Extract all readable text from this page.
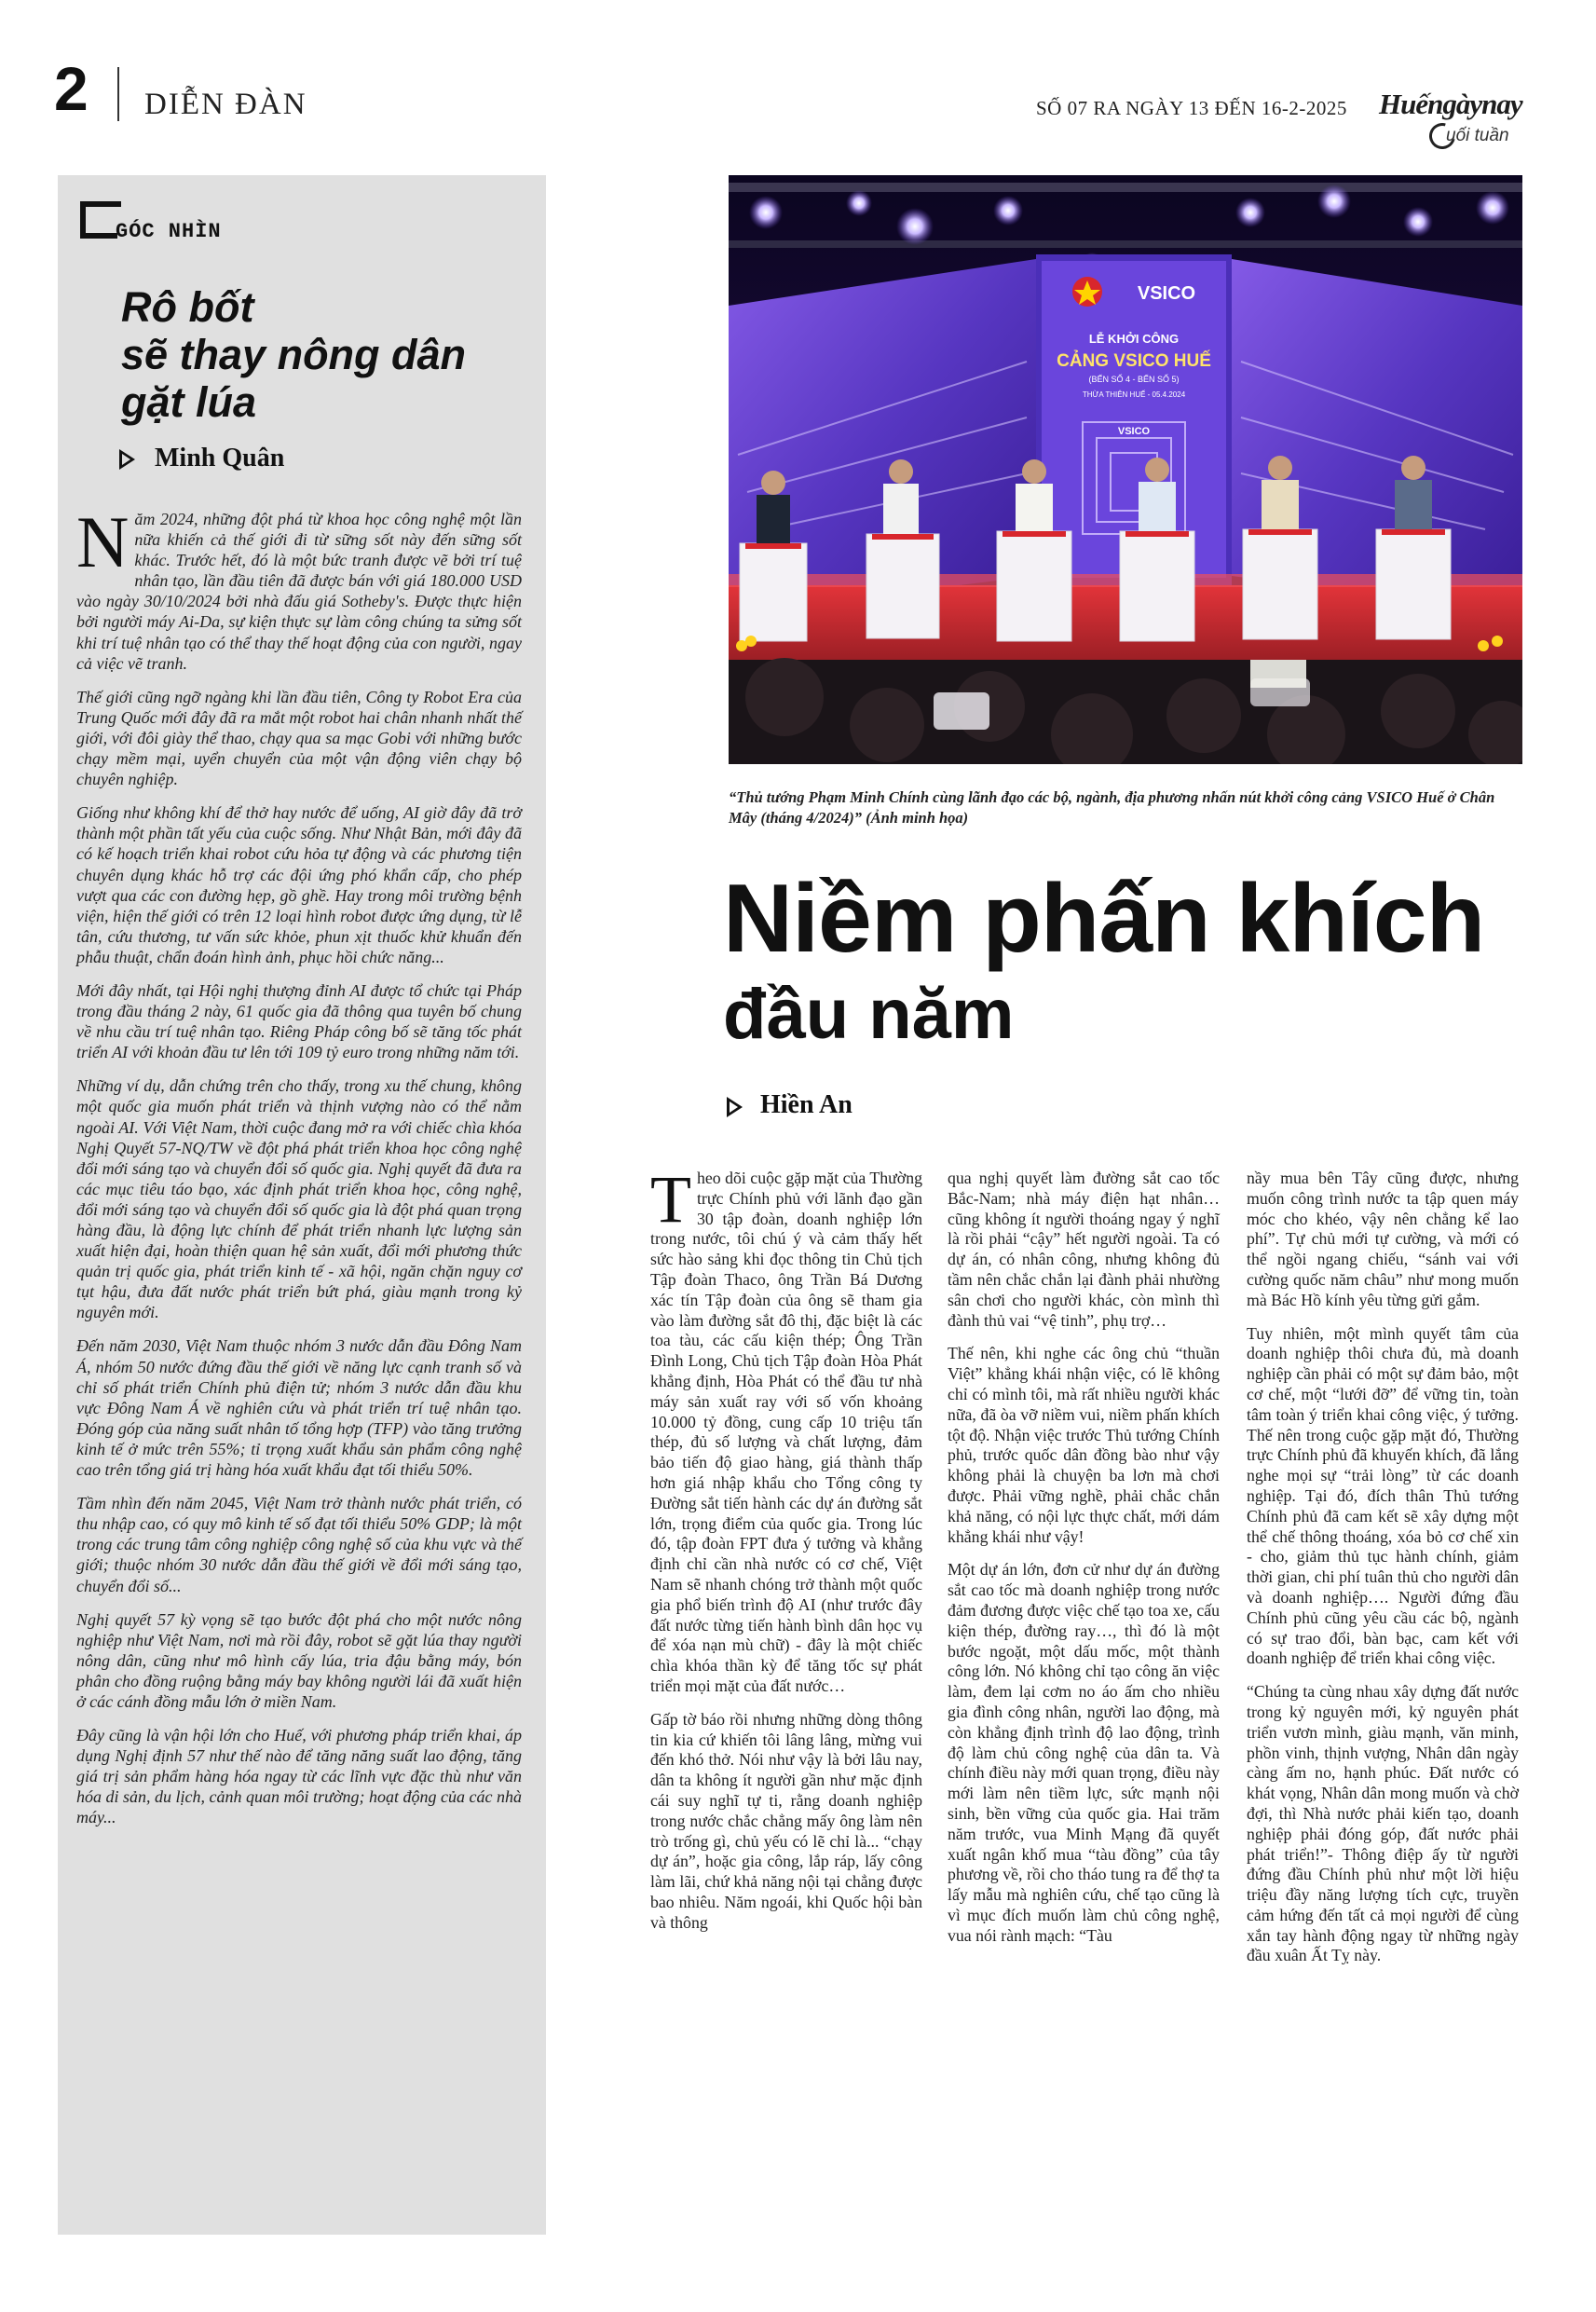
2 DIỄN ĐÀN	SỐ 07 RA NGÀY 13 ĐẾN 16-2-2025 Huếngàynay
uối tuần
GÓC NHÌN
Rô bốt
sẽ thay nông dân
gặt lúa
Minh Quân

Năm 2024, những đột phá từ khoa học công nghệ một lần nữa khiến cả thế giới đi từ sững sốt này đến sững sốt khác. Trước hết, đó là một bức tranh được vẽ bởi trí tuệ nhân tạo, lần đầu tiên đã được bán với giá 180.000 USD vào ngày 30/10/2024 bởi nhà đấu giá Sotheby's. Được thực hiện bởi người máy Ai-Da, sự kiện thực sự làm công chúng ta sửng sốt khi trí tuệ nhân tạo có thể thay thế hoạt động của con người, ngay cả việc vẽ tranh.

Thế giới cũng ngỡ ngàng khi lần đầu tiên, Công ty Robot Era của Trung Quốc mới đây đã ra mắt một robot hai chân nhanh nhất thế giới, với đôi giày thể thao, chạy qua sa mạc Gobi với những bước chạy mềm mại, uyển chuyển của một vận động viên chạy bộ chuyên nghiệp.

Giống như không khí để thở hay nước để uống, AI giờ đây đã trở thành một phần tất yếu của cuộc sống. Như Nhật Bản, mới đây đã có kế hoạch triển khai robot cứu hỏa tự động và các phương tiện chuyên dụng khác hỗ trợ các đội ứng phó khẩn cấp, cho phép vượt qua các con đường hẹp, gồ ghề. Hay trong môi trường bệnh viện, hiện thế giới có trên 12 loại hình robot được ứng dụng, từ lễ tân, cứu thương, tư vấn sức khỏe, phun xịt thuốc khử khuẩn đến phẫu thuật, chẩn đoán hình ảnh, phục hồi chức năng...

Mới đây nhất, tại Hội nghị thượng đỉnh AI được tổ chức tại Pháp trong đầu tháng 2 này, 61 quốc gia đã thông qua tuyên bố chung về nhu cầu trí tuệ nhân tạo. Riêng Pháp công bố sẽ tăng tốc phát triển AI với khoản đầu tư lên tới 109 tỷ euro trong những năm tới.

Những ví dụ, dẫn chứng trên cho thấy, trong xu thế chung, không một quốc gia muốn phát triển và thịnh vượng nào có thể nằm ngoài AI. Với Việt Nam, thời cuộc đang mở ra với chiếc chìa khóa Nghị Quyết 57-NQ/TW về đột phá phát triển khoa học công nghệ đổi mới sáng tạo và chuyển đổi số quốc gia. Nghị quyết đã đưa ra các mục tiêu táo bạo, xác định phát triển khoa học, công nghệ, đổi mới sáng tạo và chuyển đổi số quốc gia là đột phá quan trọng hàng đầu, là động lực chính để phát triển nhanh lực lượng sản xuất hiện đại, hoàn thiện quan hệ sản xuất, đổi mới phương thức quản trị quốc gia, phát triển kinh tế - xã hội, ngăn chặn nguy cơ tụt hậu, đưa đất nước phát triển bứt phá, giàu mạnh trong kỷ nguyên mới.

Đến năm 2030, Việt Nam thuộc nhóm 3 nước dẫn đầu Đông Nam Á, nhóm 50 nước đứng đầu thế giới về năng lực cạnh tranh số và chỉ số phát triển Chính phủ điện tử; nhóm 3 nước dẫn đầu khu vực Đông Nam Á về nghiên cứu và phát triển trí tuệ nhân tạo. Đóng góp của năng suất nhân tố tổng hợp (TFP) vào tăng trưởng kinh tế ở mức trên 55%; tỉ trọng xuất khẩu sản phẩm công nghệ cao trên tổng giá trị hàng hóa xuất khẩu đạt tối thiểu 50%.

Tầm nhìn đến năm 2045, Việt Nam trở thành nước phát triển, có thu nhập cao, có quy mô kinh tế số đạt tối thiểu 50% GDP; là một trong các trung tâm công nghiệp công nghệ số của khu vực và thế giới; thuộc nhóm 30 nước dẫn đầu thế giới về đổi mới sáng tạo, chuyển đổi số...

Nghị quyết 57 kỳ vọng sẽ tạo bước đột phá cho một nước nông nghiệp như Việt Nam, nơi mà rồi đây, robot sẽ gặt lúa thay người nông dân, cũng như mô hình cấy lúa, tria đậu bằng máy, bón phân cho đồng ruộng bằng máy bay không người lái đã xuất hiện ở các cánh đồng mẫu lớn ở miền Nam.

Đây cũng là vận hội lớn cho Huế, với phương pháp triển khai, áp dụng Nghị định 57 như thế nào để tăng năng suất lao động, tăng giá trị sản phẩm hàng hóa ngay từ các lĩnh vực đặc thù như văn hóa di sản, du lịch, cảnh quan môi trường; hoạt động của các nhà máy...

VSICO
LỄ KHỞI CÔNG
CẢNG VSICO HUẾ
(BẾN SỐ 4 - BẾN SỐ 5)
THỪA THIÊN HUẾ - 05.4.2024
VSICO

“Thủ tướng Phạm Minh Chính cùng lãnh đạo các bộ, ngành, địa phương nhấn nút khởi công cảng VSICO Huế ở Chân Mây (tháng 4/2024)” (Ảnh minh họa)

Niềm phấn khích
đầu năm
Hiền An

Theo dõi cuộc gặp mặt của Thường trực Chính phủ với lãnh đạo gần 30 tập đoàn, doanh nghiệp lớn trong nước, tôi chú ý và cảm thấy hết sức hào sảng khi đọc thông tin Chủ tịch Tập đoàn Thaco, ông Trần Bá Dương xác tín Tập đoàn của ông sẽ tham gia vào làm đường sắt đô thị, đặc biệt là các toa tàu, các cấu kiện thép; Ông Trần Đình Long, Chủ tịch Tập đoàn Hòa Phát khẳng định, Hòa Phát có thể đầu tư nhà máy sản xuất ray với số vốn khoảng 10.000 tỷ đồng, cung cấp 10 triệu tấn thép, đủ số lượng và chất lượng, đảm bảo tiến độ giao hàng, giá thành thấp hơn giá nhập khẩu cho Tổng công ty Đường sắt tiến hành các dự án đường sắt lớn, trọng điểm của quốc gia. Trong lúc đó, tập đoàn FPT đưa ý tưởng và khẳng định chỉ cần nhà nước có cơ chế, Việt Nam sẽ nhanh chóng trở thành một quốc gia phổ biến trình độ AI (như trước đây đất nước từng tiến hành bình dân học vụ để xóa nạn mù chữ) - đây là một chiếc chìa khóa thần kỳ để tăng tốc sự phát triển mọi mặt của đất nước…

Gấp tờ báo rồi nhưng những dòng thông tin kia cứ khiến tôi lâng lâng, mừng vui đến khó thở. Nói như vậy là bởi lâu nay, dân ta không ít người gần như mặc định cái suy nghĩ tự ti, rằng doanh nghiệp trong nước chắc chẳng mấy ông làm nên trò trống gì, chủ yếu có lẽ chỉ là... “chạy dự án”, hoặc gia công, lắp ráp, lấy công làm lãi, chứ khả năng nội tại chẳng được bao nhiêu. Năm ngoái, khi Quốc hội bàn và thông

qua nghị quyết làm đường sắt cao tốc Bắc-Nam; nhà máy điện hạt nhân… cũng không ít người thoáng ngay ý nghĩ là rồi phải “cậy” hết người ngoài. Ta có dự án, có nhân công, nhưng không đủ tầm nên chắc chắn lại đành phải nhường sân chơi cho người khác, còn mình thì đành thủ vai “vệ tinh”, phụ trợ…

Thế nên, khi nghe các ông chủ “thuần Việt” khẳng khái nhận việc, có lẽ không chỉ có mình tôi, mà rất nhiều người khác nữa, đã òa vỡ niềm vui, niềm phấn khích tột độ. Nhận việc trước Thủ tướng Chính phủ, trước quốc dân đồng bào như vậy không phải là chuyện ba lơn mà chơi được. Phải vững nghề, phải chắc chắn khả năng, có nội lực thực chất, mới dám khẳng khái như vậy!

Một dự án lớn, đơn cử như dự án đường sắt cao tốc mà doanh nghiệp trong nước đảm đương được việc chế tạo toa xe, cấu kiện thép, đường ray…, thì đó là một bước ngoặt, một dấu mốc, một thành công lớn. Nó không chỉ tạo công ăn việc làm, đem lại cơm no áo ấm cho nhiều gia đình công nhân, người lao động, mà còn khẳng định trình độ lao động, trình độ làm chủ công nghệ của dân ta. Và chính điều này mới quan trọng, điều này mới làm nên tiềm lực, sức mạnh nội sinh, bền vững của quốc gia. Hai trăm năm trước, vua Minh Mạng đã quyết xuất ngân khố mua “tàu đồng” của tây phương về, rồi cho tháo tung ra để thợ ta lấy mẫu mà nghiên cứu, chế tạo cũng là vì mục đích muốn làm chủ công nghệ, vua nói rành mạch: “Tàu

nầy mua bên Tây cũng được, nhưng muốn công trình nước ta tập quen máy móc cho khéo, vậy nên chẳng kể lao phí”. Tự chủ mới tự cường, và mới có thể ngồi ngang chiếu, “sánh vai với cường quốc năm châu” như mong muốn mà Bác Hồ kính yêu từng gửi gắm.

Tuy nhiên, một mình quyết tâm của doanh nghiệp thôi chưa đủ, mà doanh nghiệp cần phải có một sự đảm bảo, một cơ chế, một “lưới đỡ” để vững tin, toàn tâm toàn ý triển khai công việc, ý tưởng. Thế nên trong cuộc gặp mặt đó, Thường trực Chính phủ đã khuyến khích, đã lắng nghe mọi sự “trải lòng” từ các doanh nghiệp. Tại đó, đích thân Thủ tướng Chính phủ đã cam kết sẽ xây dựng một thể chế thông thoáng, xóa bỏ cơ chế xin - cho, giảm thủ tục hành chính, giảm thời gian, chi phí tuân thủ cho người dân và doanh nghiệp…. Người đứng đầu Chính phủ cũng yêu cầu các bộ, ngành có sự trao đổi, bàn bạc, cam kết với doanh nghiệp để triển khai công việc.

“Chúng ta cùng nhau xây dựng đất nước trong kỷ nguyên mới, kỷ nguyên phát triển vươn mình, giàu mạnh, văn minh, phồn vinh, thịnh vượng, Nhân dân ngày càng ấm no, hạnh phúc. Đất nước có khát vọng, Nhân dân mong muốn và chờ đợi, thì Nhà nước phải kiến tạo, doanh nghiệp phải đóng góp, đất nước phải phát triển!”- Thông điệp ấy từ người đứng đầu Chính phủ như một lời hiệu triệu đầy năng lượng tích cực, truyền cảm hứng đến tất cả mọi người để cùng xắn tay hành động ngay từ những ngày đầu xuân Ất Tỵ này.
